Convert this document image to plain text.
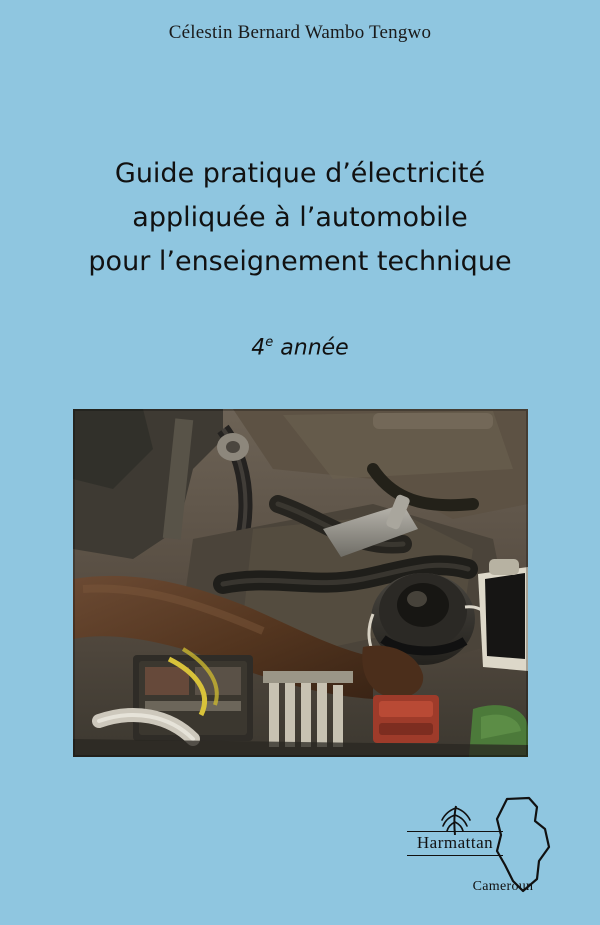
Célestin Bernard Wambo Tengwo
Guide pratique d’électricité
appliquée à l’automobile
pour l’enseignement technique
4e année
Harmattan
Cameroun
